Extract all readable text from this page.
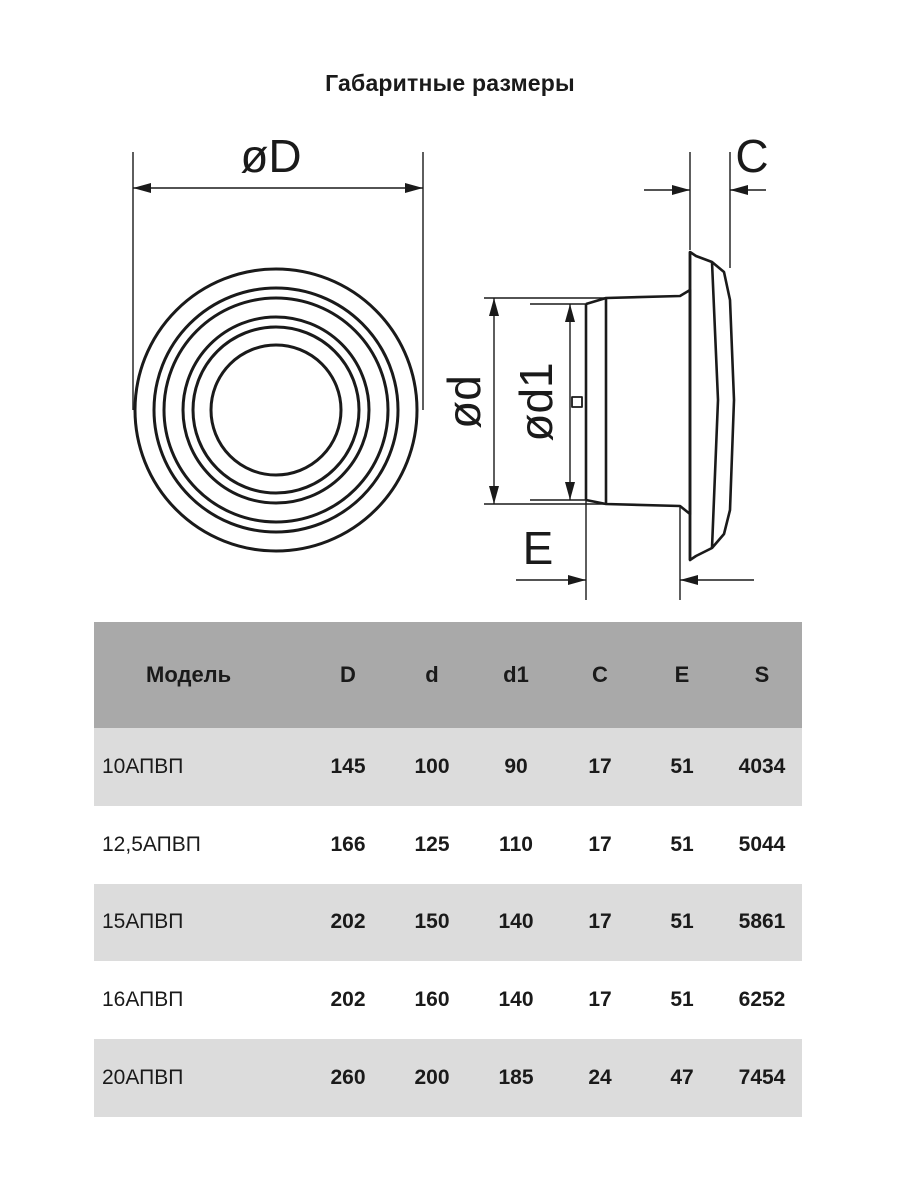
Габаритные размеры
øD	C
ød ød1
E
Модель	D	d	d1	C	E	S
10АПВП	145	100	90	17	51	4034
12,5АПВП	166	125	110	17	51	5044
15АПВП	202	150	140	17	51	5861
16АПВП	202	160	140	17	51	6252
20АПВП	260	200	185	24	47	7454
